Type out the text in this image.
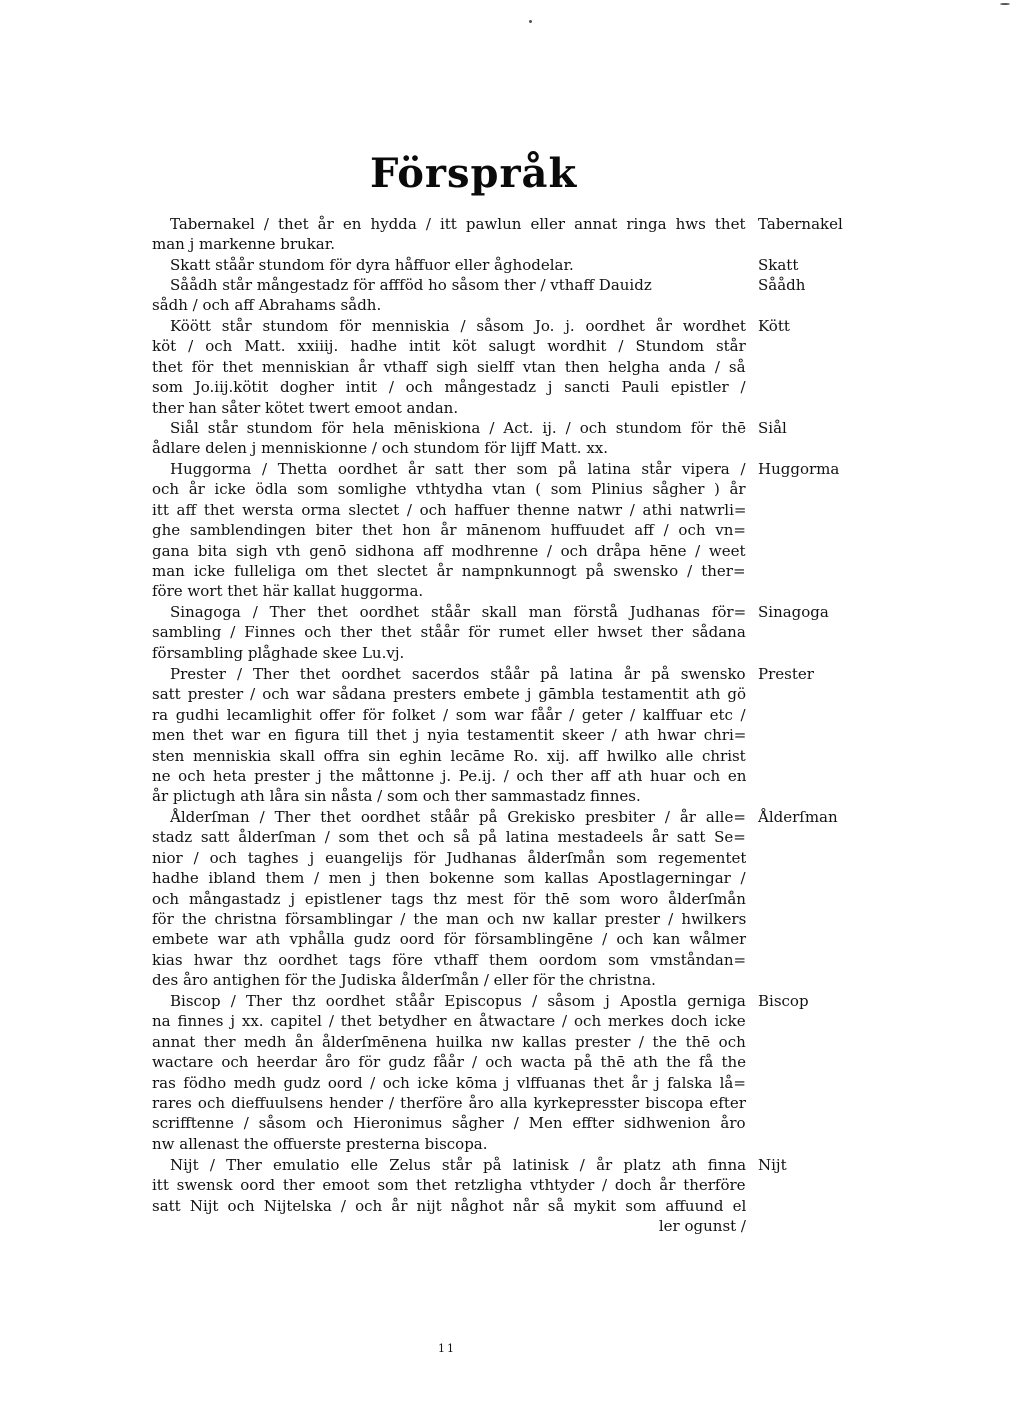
Förspråk
Tabernakel / thet år en hydda / itt pawlun eller annat ringa hws thet
man j markenne brukar.
Tabernakel
Skatt ståår stundom för dyra håffuor eller åghodelar.	Skatt
Såådh står mångestadz för affföd ho såsom ther / vthaff Dauidz
sådh / och aff Abrahams sådh.
Såådh
Köött står stundom för menniskia / såsom Jo. j. oordhet år wordhet
köt / och Matt. xxiiij. hadhe intit köt salugt wordhit / Stundom står
thet för thet menniskian år vthaff sigh sielff vtan then helgha anda / så
som Jo.iij.kötit dogher intit / och mångestadz j sancti Pauli epistler /
ther han såter kötet twert emoot andan.
Kött
Siål står stundom för hela mēniskiona / Act. ij. / och stundom för thē
ådlare delen j menniskionne / och stundom för lijff Matt. xx.
Siål
Huggorma / Thetta oordhet år satt ther som på latina står vipera /
och år icke ödla som somlighe vthtydha vtan ( som Plinius sågher ) år
itt aff thet wersta orma slectet / och haffuer thenne natwr / athi natwrli=
ghe samblendingen biter thet hon år mānenom huffuudet aff / och vn=
gana bita sigh vth genō sidhona aff modhrenne / och dråpa hēne / weet
man icke fulleliga om thet slectet år nampnkunnogt på swensko / ther=
före wort thet här kallat huggorma.
Huggorma
Sinagoga / Ther thet oordhet ståår skall man förstå Judhanas för=
sambling / Finnes och ther thet ståår för rumet eller hwset ther sådana
försambling plåghade skee Lu.vj.
Sinagoga
Prester / Ther thet oordhet sacerdos ståår på latina år på swensko
satt prester / och war sådana presters embete j gāmbla testamentit ath gö
ra gudhi lecamlighit offer för folket / som war fåår / geter / kalffuar etc /
men thet war en figura till thet j nyia testamentit skeer / ath hwar chri=
sten menniskia skall offra sin eghin lecāme Ro. xij. aff hwilko alle christ
ne och heta prester j the måttonne j. Pe.ij. / och ther aff ath huar och en
år plictugh ath låra sin nåsta / som och ther sammastadz finnes.
Prester
Ålderſman / Ther thet oordhet ståår på Grekisko presbiter / år alle=
stadz satt ålderſman / som thet och så på latina mestadeels år satt Se=
nior / och taghes j euangelijs för Judhanas ålderſmån som regementet
hadhe ibland them / men j then bokenne som kallas Apostlagerningar /
och mångastadz j epistlener tags thz mest för thē som woro ålderſmån
för the christna församblingar / the man och nw kallar prester / hwilkers
embete war ath vphålla gudz oord för församblingēne / och kan wålmer
kias hwar thz oordhet tags före vthaff them oordom som vmståndan=
des åro antighen för the Judiska ålderſmån / eller för the christna.
Ålderſman
Biscop / Ther thz oordhet ståår Episcopus / såsom j Apostla gerniga
na finnes j xx. capitel / thet betydher en åtwactare / och merkes doch icke
annat ther medh ån ålderſmēnena huilka nw kallas prester / the thē och
wactare och heerdar åro för gudz fåår / och wacta på thē ath the få the
ras födho medh gudz oord / och icke kōma j vlffuanas thet år j falska lå=
rares och dieffuulsens hender / therföre åro alla kyrkepresster biscopa efter
scrifftenne / såsom och Hieronimus sågher / Men effter sidhwenion åro
nw allenast the offuerste presterna biscopa.
Biscop
Nijt / Ther emulatio elle Zelus står på latinisk / år platz ath finna
itt swensk oord ther emoot som thet retzligha vthtyder / doch år therföre
satt Nijt och Nijtelska / och år nijt någhot når så mykit som affuund el
ler ogunst /
Nijt
11
